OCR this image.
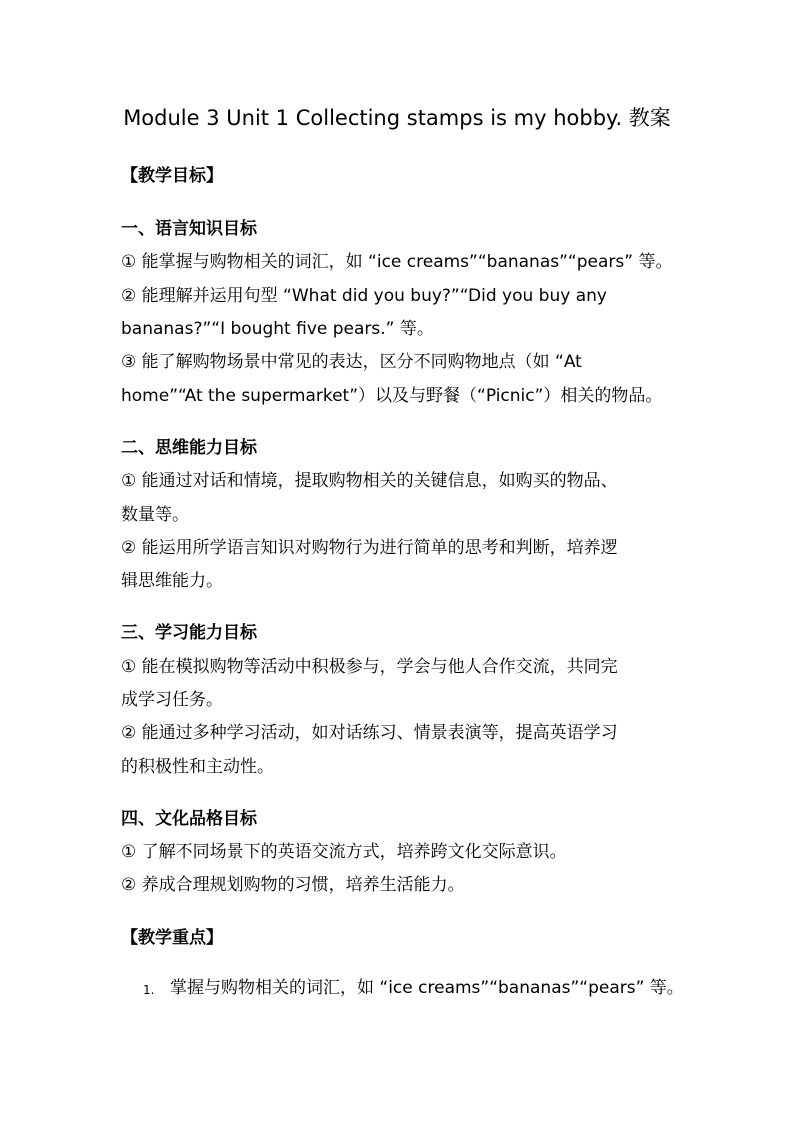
Module 3 Unit 1 Collecting stamps is my hobby. 教案
【教学目标】
一、语言知识目标
① 能掌握与购物相关的词汇，如 “ice creams”“bananas”“pears” 等。
② 能理解并运用句型 “What did you buy?”“Did you buy any
bananas?”“I bought five pears.” 等。
③ 能了解购物场景中常见的表达，区分不同购物地点（如 “At
home”“At the supermarket”）以及与野餐（“Picnic”）相关的物品。
二、思维能力目标
① 能通过对话和情境，提取购物相关的关键信息，如购买的物品、
数量等。
② 能运用所学语言知识对购物行为进行简单的思考和判断，培养逻
辑思维能力。
三、学习能力目标
① 能在模拟购物等活动中积极参与，学会与他人合作交流，共同完
成学习任务。
② 能通过多种学习活动，如对话练习、情景表演等，提高英语学习
的积极性和主动性。
四、文化品格目标
① 了解不同场景下的英语交流方式，培养跨文化交际意识。
② 养成合理规划购物的习惯，培养生活能力。
【教学重点】
1. 掌握与购物相关的词汇，如 “ice creams”“bananas”“pears” 等。
